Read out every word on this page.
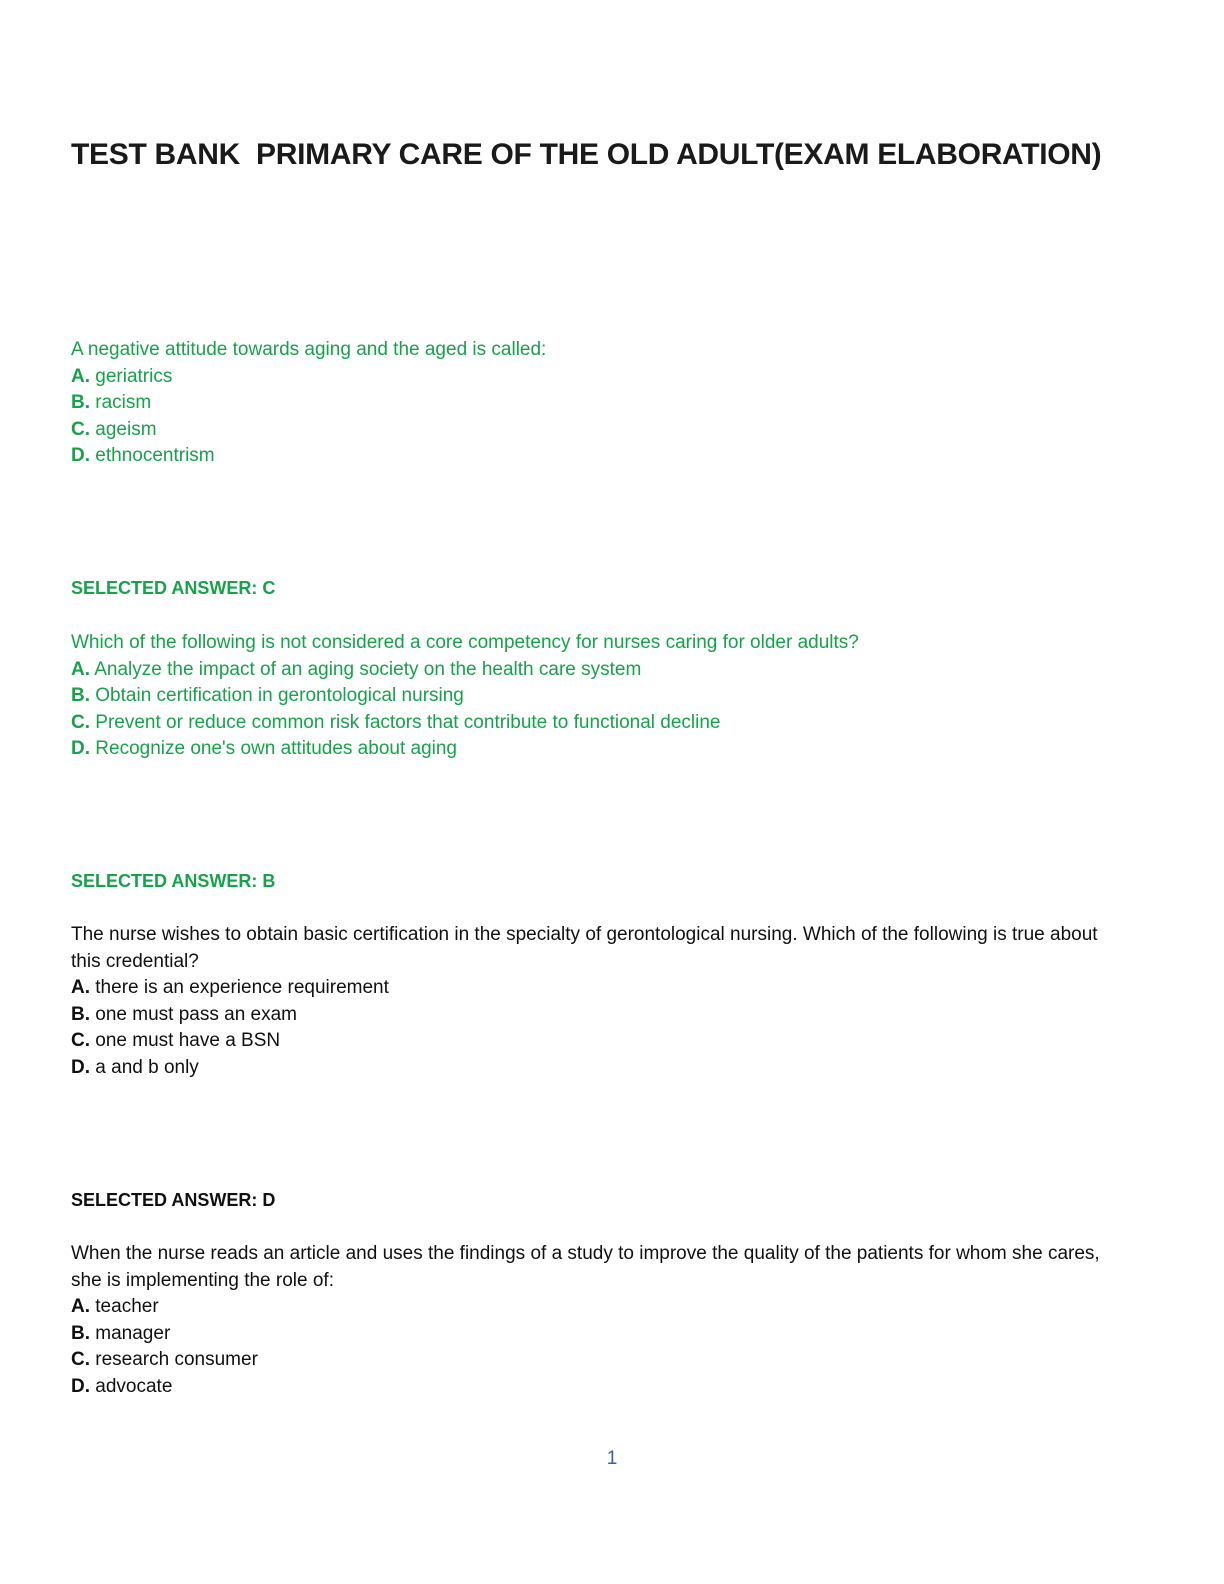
TEST BANK  PRIMARY CARE OF THE OLD ADULT(EXAM ELABORATION)

A negative attitude towards aging and the aged is called:

A. geriatrics

B. racism

C. ageism

D. ethnocentrism

SELECTED ANSWER: C

Which of the following is not considered a core competency for nurses caring for older adults?

A. Analyze the impact of an aging society on the health care system

B. Obtain certification in gerontological nursing

C. Prevent or reduce common risk factors that contribute to functional decline

D. Recognize one's own attitudes about aging

SELECTED ANSWER: B

The nurse wishes to obtain basic certification in the specialty of gerontological nursing. Which of the following is true about this credential?

A. there is an experience requirement

B. one must pass an exam

C. one must have a BSN

D. a and b only

SELECTED ANSWER: D

When the nurse reads an article and uses the findings of a study to improve the quality of the patients for whom she cares, she is implementing the role of:

A. teacher

B. manager

C. research consumer

D. advocate

1
